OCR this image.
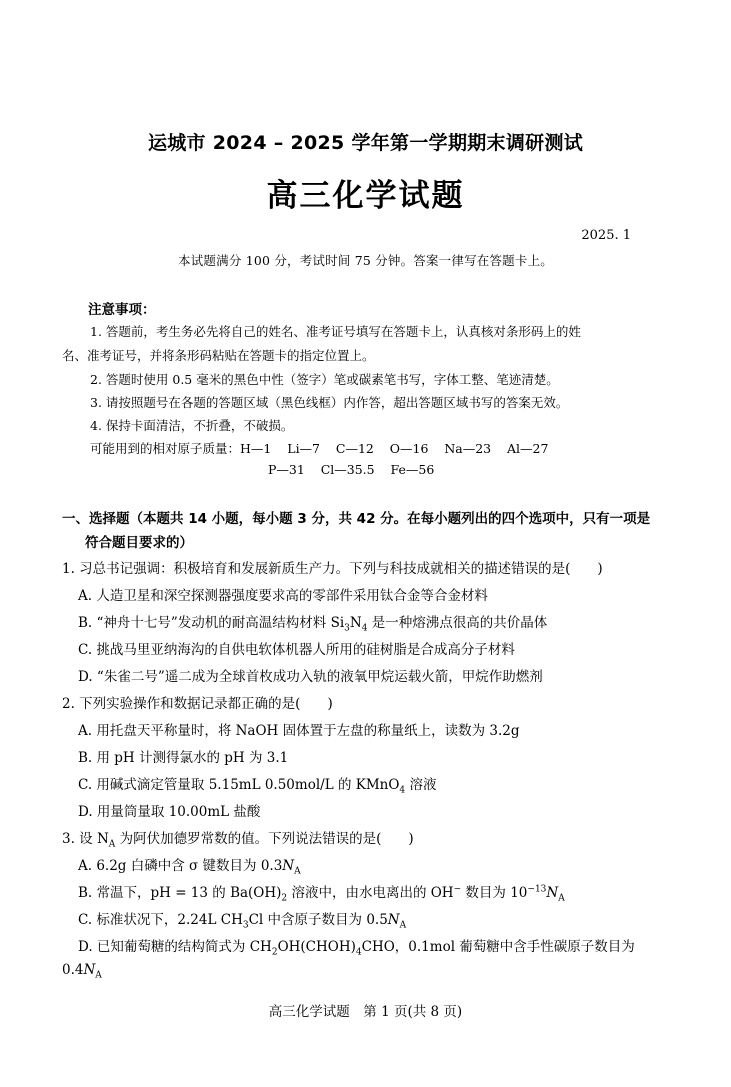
运城市 2024 – 2025 学年第一学期期末调研测试
高三化学试题
2025. 1
本试题满分 100 分，考试时间 75 分钟。答案一律写在答题卡上。
注意事项：
1. 答题前，考生务必先将自己的姓名、准考证号填写在答题卡上，认真核对条形码上的姓
名、准考证号，并将条形码粘贴在答题卡的指定位置上。
2. 答题时使用 0.5 毫米的黑色中性（签字）笔或碳素笔书写，字体工整、笔迹清楚。
3. 请按照题号在各题的答题区域（黑色线框）内作答，超出答题区域书写的答案无效。
4. 保持卡面清洁，不折叠，不破损。
可能用到的相对原子质量：H—1    Li—7    C—12    O—16    Na—23    Al—27
P—31    Cl—35.5    Fe—56
一、选择题（本题共 14 小题，每小题 3 分，共 42 分。在每小题列出的四个选项中，只有一项是
符合题目要求的）
1. 习总书记强调：积极培育和发展新质生产力。下列与科技成就相关的描述错误的是(　　)
A. 人造卫星和深空探测器强度要求高的零部件采用钛合金等合金材料
B. “神舟十七号”发动机的耐高温结构材料 $Si_3N_4$ 是一种熔沸点很高的共价晶体
C. 挑战马里亚纳海沟的自供电软体机器人所用的硅树脂是合成高分子材料
D. “朱雀二号”遥二成为全球首枚成功入轨的液氧甲烷运载火箭，甲烷作助燃剂
2. 下列实验操作和数据记录都正确的是(　　)
A. 用托盘天平称量时，将 NaOH 固体置于左盘的称量纸上，读数为 3.2g
B. 用 pH 计测得氯水的 pH 为 3.1
C. 用碱式滴定管量取 5.15mL 0.50mol/L 的 KMnO$_4$ 溶液
D. 用量筒量取 10.00mL 盐酸
3. 设 $N_A$ 为阿伏加德罗常数的值。下列说法错误的是(　　)
A. 6.2g 白磷中含 σ 键数目为 $0.3N_A$
B. 常温下，pH = 13 的 $Ba(OH)_2$ 溶液中，由水电离出的 OH− 数目为 $10^{-13}N_A$
C. 标准状况下，2.24L $CH_3Cl$ 中含原子数目为 $0.5N_A$
D. 已知葡萄糖的结构简式为 $CH_2OH(CHOH)_4CHO$，0.1mol 葡萄糖中含手性碳原子数目为
$0.4N_A$
高三化学试题　第 1 页(共 8 页)
